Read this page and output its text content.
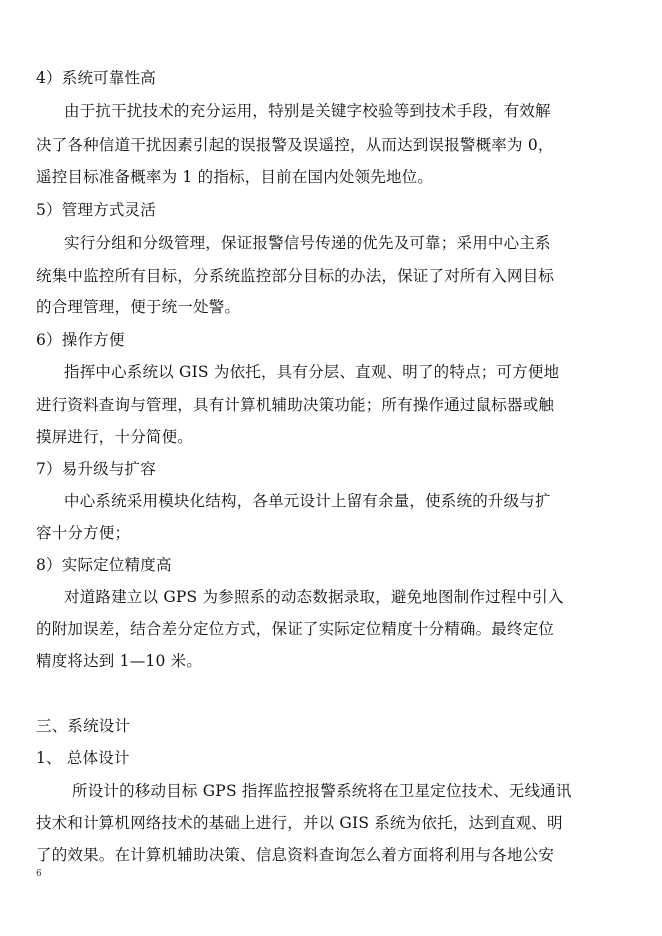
4）系统可靠性高
由于抗干扰技术的充分运用，特别是关键字校验等到技术手段，有效解
决了各种信道干扰因素引起的误报警及误遥控，从而达到误报警概率为 0，
遥控目标准备概率为 1 的指标，目前在国内处领先地位。
5）管理方式灵活
实行分组和分级管理，保证报警信号传递的优先及可靠；采用中心主系
统集中监控所有目标，分系统监控部分目标的办法，保证了对所有入网目标
的合理管理，便于统一处警。
6）操作方便
指挥中心系统以 GIS 为依托，具有分层、直观、明了的特点；可方便地
进行资料查询与管理，具有计算机辅助决策功能；所有操作通过鼠标器或触
摸屏进行，十分简便。
7）易升级与扩容
中心系统采用模块化结构，各单元设计上留有余量，使系统的升级与扩
容十分方便；
8）实际定位精度高
对道路建立以 GPS 为参照系的动态数据录取，避免地图制作过程中引入
的附加误差，结合差分定位方式，保证了实际定位精度十分精确。最终定位
精度将达到 1—10 米。
三、系统设计
1、 总体设计
所设计的移动目标 GPS 指挥监控报警系统将在卫星定位技术、无线通讯
技术和计算机网络技术的基础上进行，并以 GIS 系统为依托，达到直观、明
了的效果。在计算机辅助决策、信息资料查询怎么着方面将利用与各地公安
6
